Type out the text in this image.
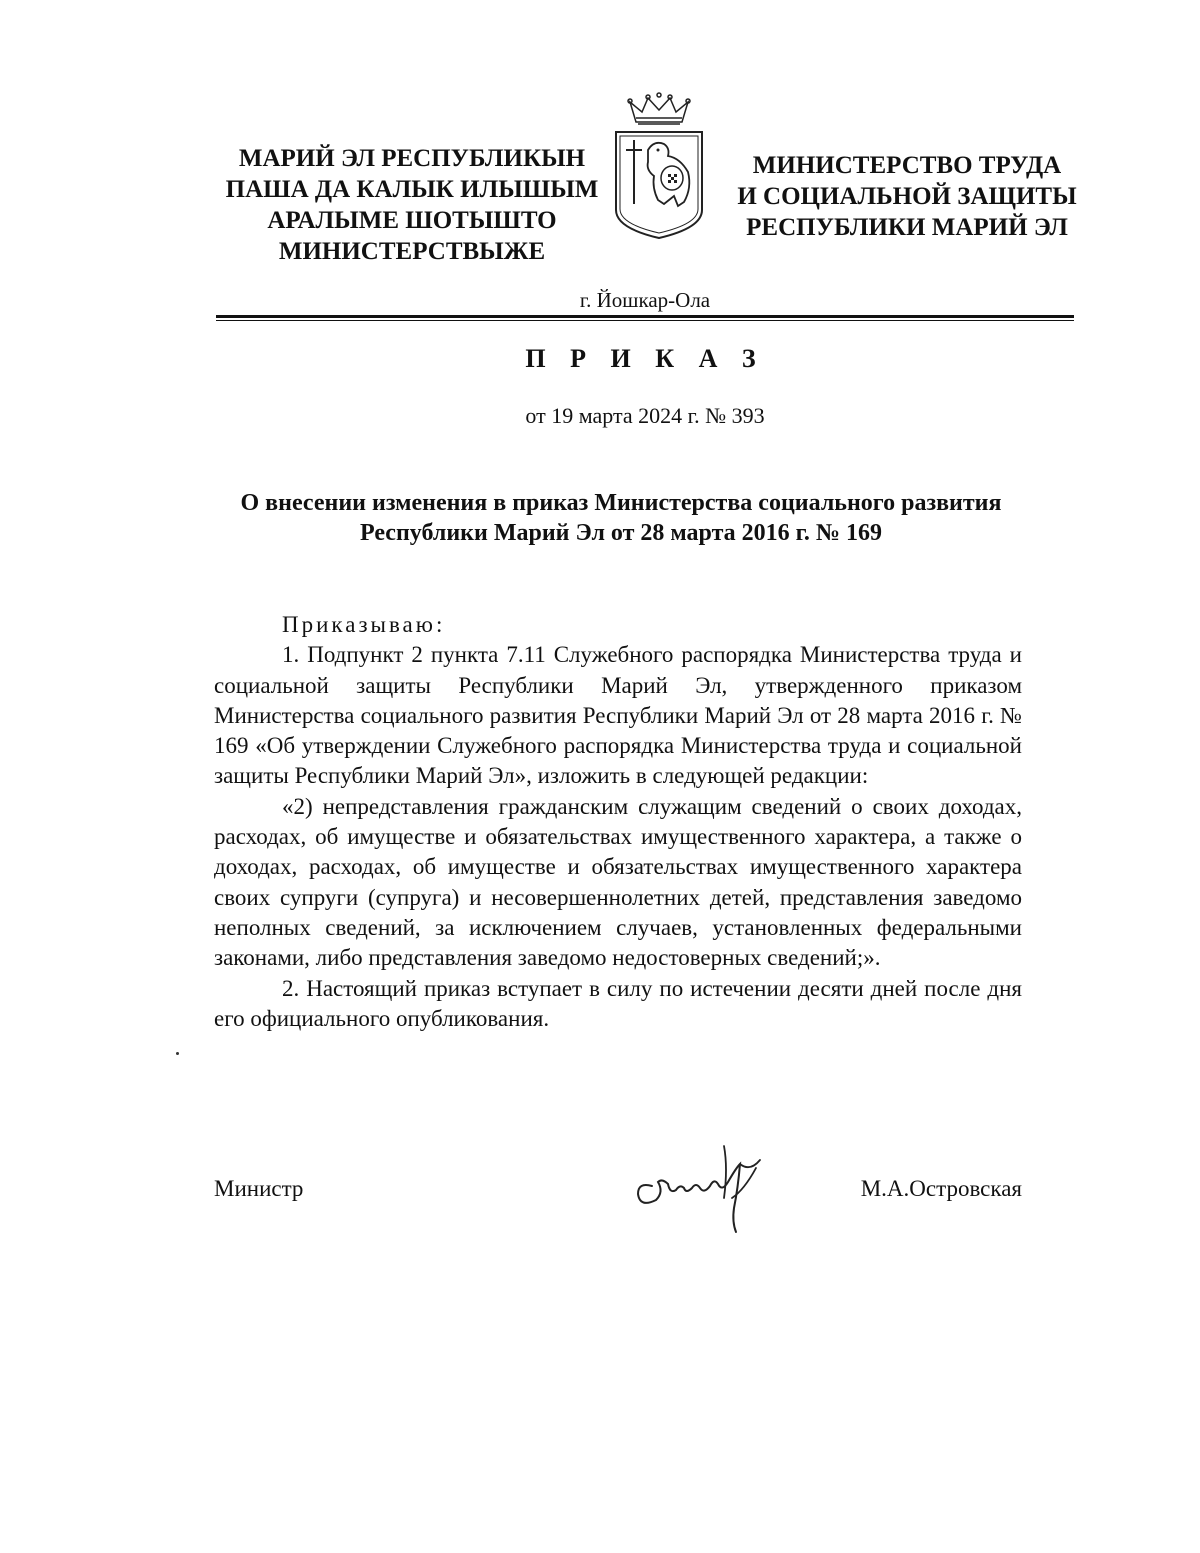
МАРИЙ ЭЛ РЕСПУБЛИКЫН
ПАША ДА КАЛЫК ИЛЫШЫМ
АРАЛЫМЕ ШОТЫШТО
МИНИСТЕРСТВЫЖЕ
МИНИСТЕРСТВО ТРУДА
И СОЦИАЛЬНОЙ ЗАЩИТЫ
РЕСПУБЛИКИ МАРИЙ ЭЛ
г. Йошкар-Ола
П Р И К А З
от 19 марта 2024 г. № 393
О внесении изменения в приказ Министерства социального развития
Республики Марий Эл от 28 марта 2016 г. № 169

Приказываю:

1. Подпункт 2 пункта 7.11 Служебного распорядка Министерства труда и социальной защиты Республики Марий Эл, утвержденного приказом Министерства социального развития Республики Марий Эл от 28 марта 2016 г. № 169 «Об утверждении Служебного распорядка Министерства труда и социальной защиты Республики Марий Эл», изложить в следующей редакции:

«2) непредставления гражданским служащим сведений о своих доходах, расходах, об имуществе и обязательствах имущественного характера, а также о доходах, расходах, об имуществе и обязательствах имущественного характера своих супруги (супруга) и несовершеннолетних детей, представления заведомо неполных сведений, за исключением случаев, установленных федеральными законами, либо представления заведомо недостоверных сведений;».

2. Настоящий приказ вступает в силу по истечении десяти дней после дня его официального опубликования.

Министр	М.А.Островская
